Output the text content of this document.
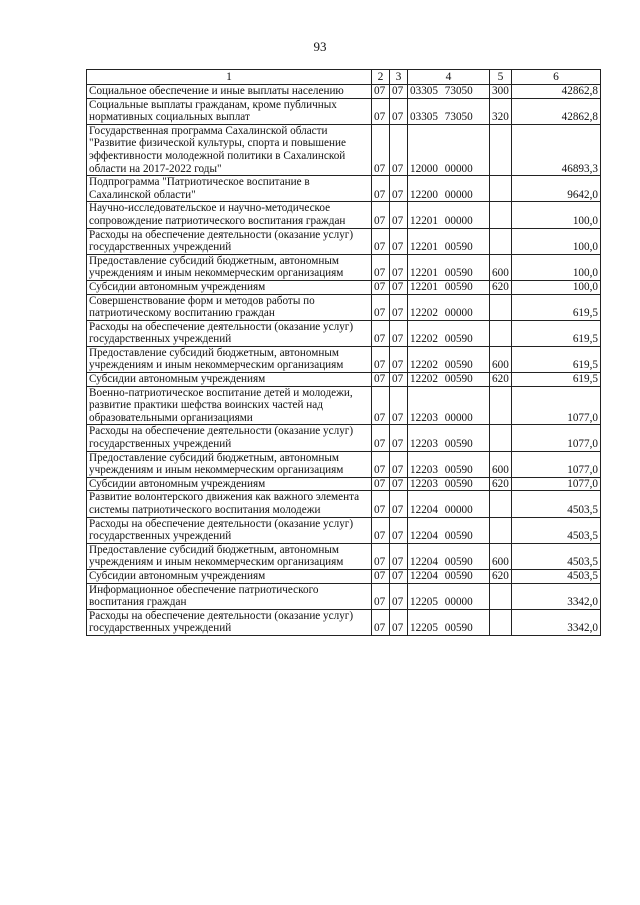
93
1	2	3	4	5	6
Социальное обеспечение и иные выплаты населению	07	07	03305 73050	300	42862,8
Социальные выплаты гражданам, кроме публичных нормативных социальных выплат	07	07	03305 73050	320	42862,8
Государственная программа Сахалинской области "Развитие физической культуры, спорта и повышение эффективности молодежной политики в Сахалинской области на 2017-2022 годы"	07	07	12000 00000		46893,3
Подпрограмма "Патриотическое воспитание в Сахалинской области"	07	07	12200 00000		9642,0
Научно-исследовательское и научно-методическое сопровождение патриотического воспитания граждан	07	07	12201 00000		100,0
Расходы на обеспечение деятельности (оказание услуг) государственных учреждений	07	07	12201 00590		100,0
Предоставление субсидий бюджетным, автономным учреждениям и иным некоммерческим организациям	07	07	12201 00590	600	100,0
Субсидии автономным учреждениям	07	07	12201 00590	620	100,0
Совершенствование форм и методов работы по патриотическому воспитанию граждан	07	07	12202 00000		619,5
Расходы на обеспечение деятельности (оказание услуг) государственных учреждений	07	07	12202 00590		619,5
Предоставление субсидий бюджетным, автономным учреждениям и иным некоммерческим организациям	07	07	12202 00590	600	619,5
Субсидии автономным учреждениям	07	07	12202 00590	620	619,5
Военно-патриотическое воспитание детей и молодежи, развитие практики шефства воинских частей над образовательными организациями	07	07	12203 00000		1077,0
Расходы на обеспечение деятельности (оказание услуг) государственных учреждений	07	07	12203 00590		1077,0
Предоставление субсидий бюджетным, автономным учреждениям и иным некоммерческим организациям	07	07	12203 00590	600	1077,0
Субсидии автономным учреждениям	07	07	12203 00590	620	1077,0
Развитие волонтерского движения как важного элемента системы патриотического воспитания молодежи	07	07	12204 00000		4503,5
Расходы на обеспечение деятельности (оказание услуг) государственных учреждений	07	07	12204 00590		4503,5
Предоставление субсидий бюджетным, автономным учреждениям и иным некоммерческим организациям	07	07	12204 00590	600	4503,5
Субсидии автономным учреждениям	07	07	12204 00590	620	4503,5
Информационное обеспечение патриотического воспитания граждан	07	07	12205 00000		3342,0
Расходы на обеспечение деятельности (оказание услуг) государственных учреждений	07	07	12205 00590		3342,0
